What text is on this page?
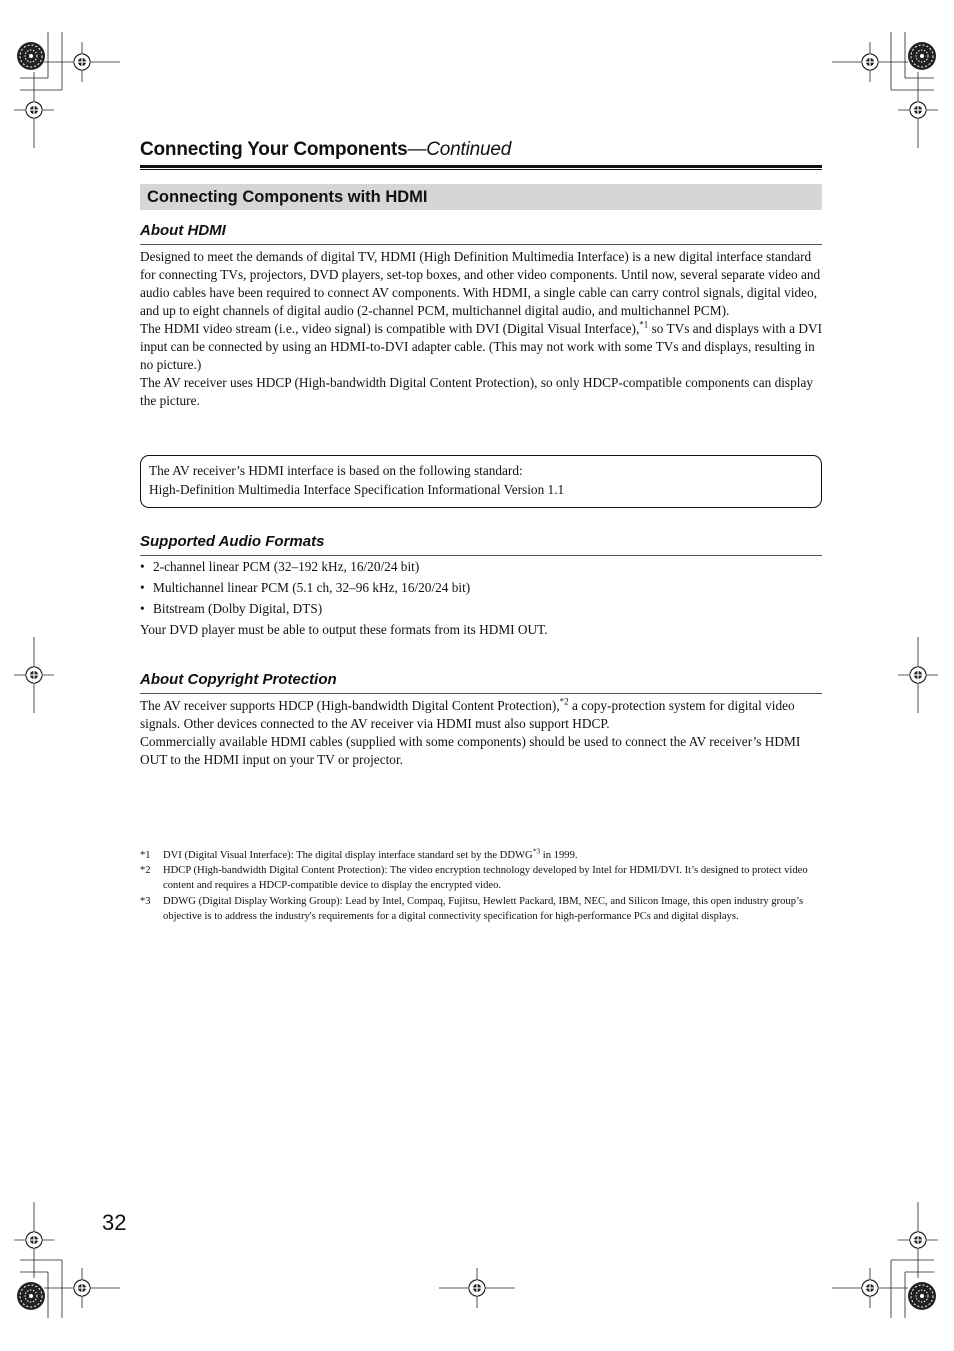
Connecting Your Components—Continued
Connecting Components with HDMI
About HDMI

Designed to meet the demands of digital TV, HDMI (High Definition Multimedia Interface) is a new digital interface standard for connecting TVs, projectors, DVD players, set-top boxes, and other video components. Until now, several separate video and audio cables have been required to connect AV components. With HDMI, a single cable can carry control signals, digital video, and up to eight channels of digital audio (2-channel PCM, multichannel digital audio, and multichannel PCM).

The HDMI video stream (i.e., video signal) is compatible with DVI (Digital Visual Interface),$^{*1}$ so TVs and displays with a DVI input can be connected by using an HDMI-to-DVI adapter cable. (This may not work with some TVs and displays, resulting in no picture.)

The AV receiver uses HDCP (High-bandwidth Digital Content Protection), so only HDCP-compatible components can display the picture.

The AV receiver’s HDMI interface is based on the following standard:
High-Definition Multimedia Interface Specification Informational Version 1.1
Supported Audio Formats
• 2-channel linear PCM (32–192 kHz, 16/20/24 bit)
• Multichannel linear PCM (5.1 ch, 32–96 kHz, 16/20/24 bit)
• Bitstream (Dolby Digital, DTS)
Your DVD player must be able to output these formats from its HDMI OUT.
About Copyright Protection

The AV receiver supports HDCP (High-bandwidth Digital Content Protection),$^{*2}$ a copy-protection system for digital video signals. Other devices connected to the AV receiver via HDMI must also support HDCP.

Commercially available HDMI cables (supplied with some components) should be used to connect the AV receiver’s HDMI OUT to the HDMI input on your TV or projector.

*1	DVI (Digital Visual Interface): The digital display interface standard set by the DDWG$^{*3}$ in 1999.
*2	HDCP (High-bandwidth Digital Content Protection): The video encryption technology developed by Intel for HDMI/DVI. It’s designed to protect video content and requires a HDCP-compatible device to display the encrypted video.
*3	DDWG (Digital Display Working Group): Lead by Intel, Compaq, Fujitsu, Hewlett Packard, IBM, NEC, and Silicon Image, this open industry group’s objective is to address the industry's requirements for a digital connectivity specification for high-performance PCs and digital displays.
32
